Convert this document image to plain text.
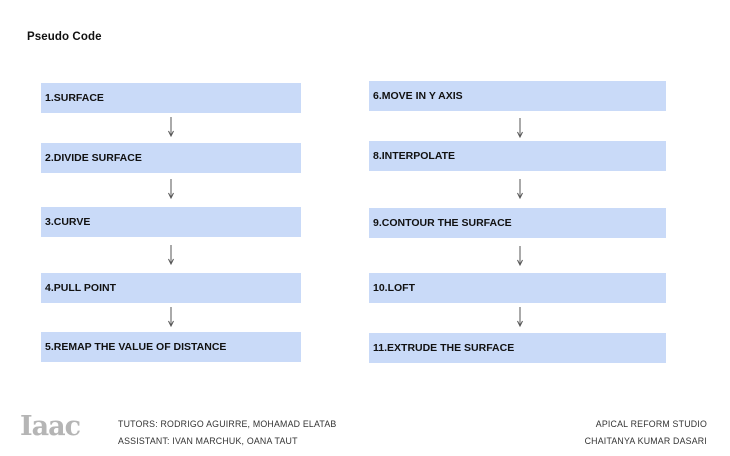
Pseudo Code
1.SURFACE
2.DIVIDE SURFACE
3.CURVE
4.PULL POINT
5.REMAP THE VALUE OF DISTANCE
6.MOVE IN Y AXIS
8.INTERPOLATE
9.CONTOUR THE SURFACE
10.LOFT
11.EXTRUDE THE SURFACE
Iaac	TUTORS: RODRIGO AGUIRRE, MOHAMAD ELATAB
ASSISTANT: IVAN MARCHUK, OANA TAUT
APICAL REFORM STUDIO
CHAITANYA KUMAR DASARI
